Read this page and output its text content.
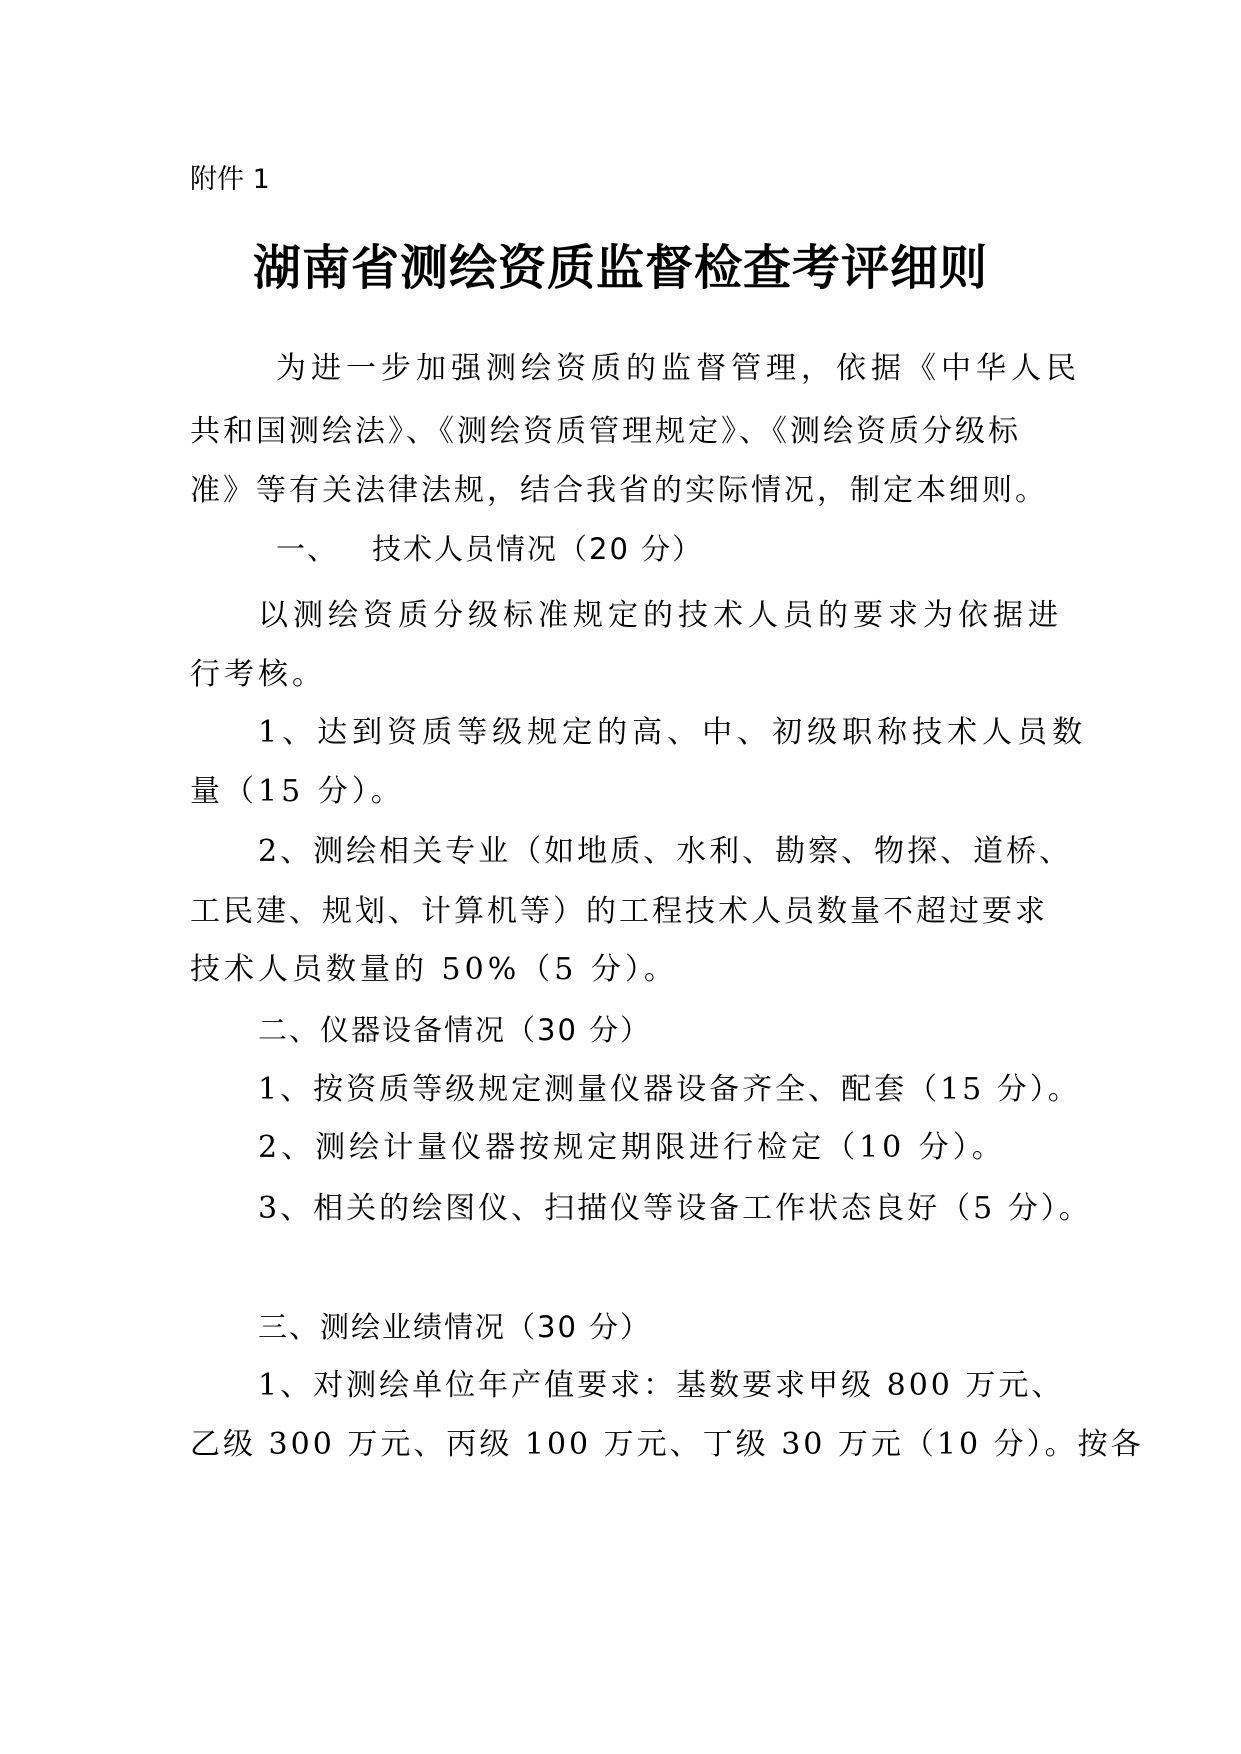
附件 1
湖南省测绘资质监督检查考评细则
为进一步加强测绘资质的监督管理，依据《中华人民
共和国测绘法》、《测绘资质管理规定》、《测绘资质分级标
准》等有关法律法规，结合我省的实际情况，制定本细则。
一、 技术人员情况（20 分）
以测绘资质分级标准规定的技术人员的要求为依据进
行考核。
1、达到资质等级规定的高、中、初级职称技术人员数
量（15 分）。
2、测绘相关专业（如地质、水利、勘察、物探、道桥、
工民建、规划、计算机等）的工程技术人员数量不超过要求
技术人员数量的 50%（5 分）。
二、仪器设备情况（30 分）
1、按资质等级规定测量仪器设备齐全、配套（15 分）。
2、测绘计量仪器按规定期限进行检定（10 分）。
3、相关的绘图仪、扫描仪等设备工作状态良好（5 分）。
三、测绘业绩情况（30 分）
1、对测绘单位年产值要求：基数要求甲级 800 万元、
乙级 300 万元、丙级 100 万元、丁级 30 万元（10 分）。按各
